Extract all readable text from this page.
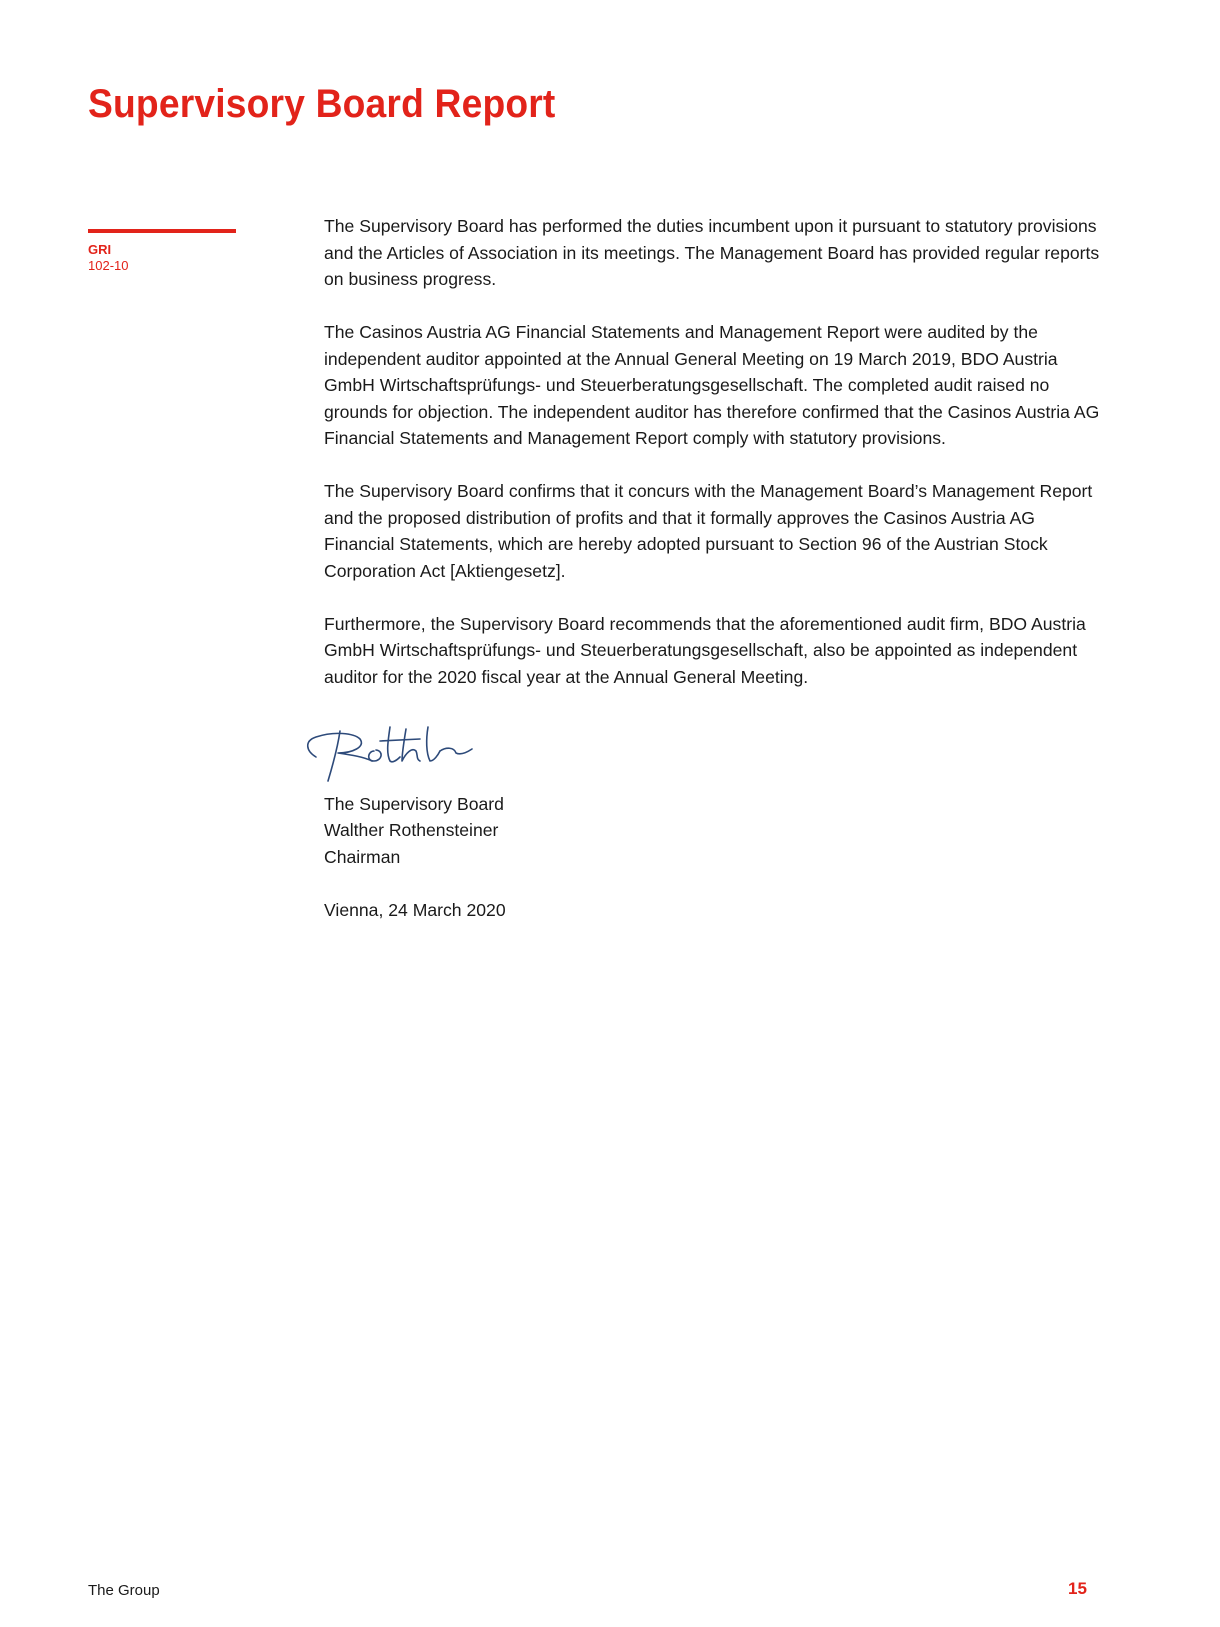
Supervisory Board Report
GRI
102-10

The Supervisory Board has performed the duties incumbent upon it pursuant to statutory provisions and the Articles of Association in its meetings. The Management Board has provided regular reports on business progress.

The Casinos Austria AG Financial Statements and Management Report were audited by the independent auditor appointed at the Annual General Meeting on 19 March 2019, BDO Austria GmbH Wirtschaftsprüfungs- und Steuerberatungsgesellschaft. The completed audit raised no grounds for objection. The independent auditor has therefore confirmed that the Casinos Austria AG Financial Statements and Management Report comply with statutory provisions.

The Supervisory Board confirms that it concurs with the Management Board’s Management Report and the proposed distribution of profits and that it formally approves the Casinos Austria AG Financial Statements, which are hereby adopted pursuant to Section 96 of the Austrian Stock Corporation Act [Aktiengesetz].

Furthermore, the Supervisory Board recommends that the aforementioned audit firm, BDO Austria GmbH Wirtschaftsprüfungs- und Steuerberatungsgesellschaft, also be appointed as independent auditor for the 2020 fiscal year at the Annual General Meeting.

The Supervisory Board
Walther Rothensteiner
Chairman
Vienna, 24 March 2020
The Group	15
